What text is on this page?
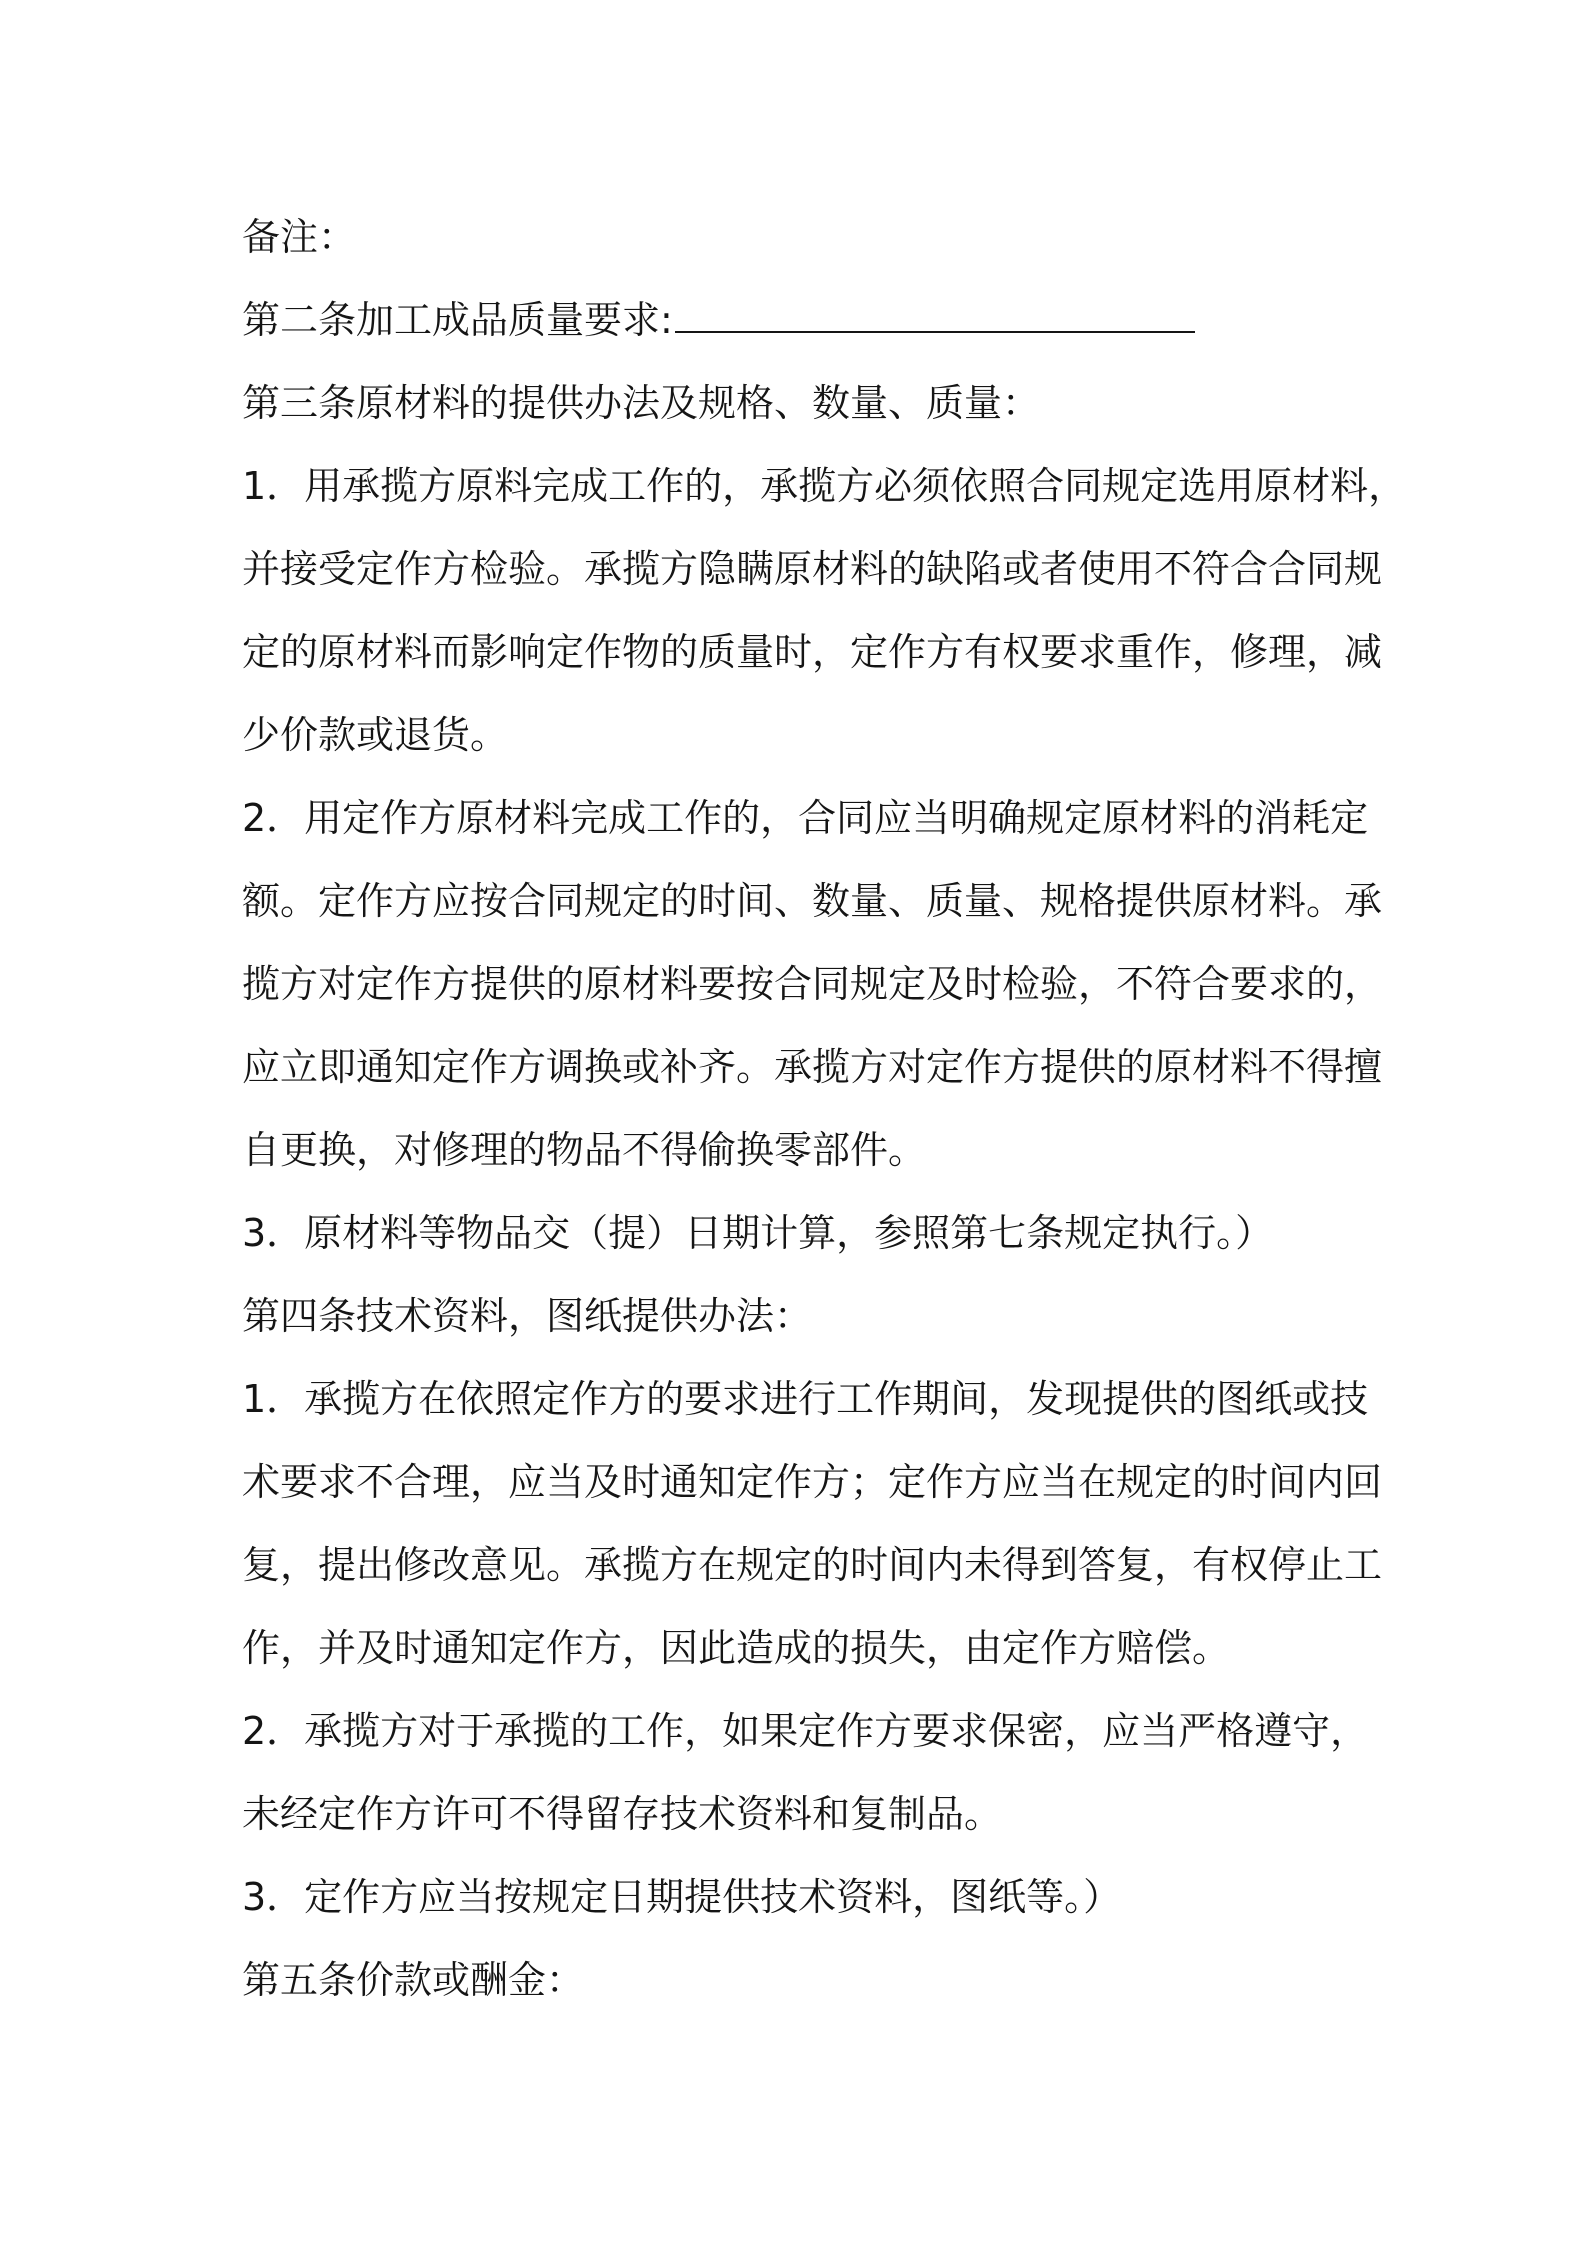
备注：
第二条加工成品质量要求:
第三条原材料的提供办法及规格、数量、质量：
1．用承揽方原料完成工作的，承揽方必须依照合同规定选用原材料，
并接受定作方检验。承揽方隐瞒原材料的缺陷或者使用不符合合同规
定的原材料而影响定作物的质量时，定作方有权要求重作，修理，减
少价款或退货。
2．用定作方原材料完成工作的，合同应当明确规定原材料的消耗定
额。定作方应按合同规定的时间、数量、质量、规格提供原材料。承
揽方对定作方提供的原材料要按合同规定及时检验，不符合要求的，
应立即通知定作方调换或补齐。承揽方对定作方提供的原材料不得擅
自更换，对修理的物品不得偷换零部件。
3．原材料等物品交（提）日期计算，参照第七条规定执行。）
第四条技术资料，图纸提供办法：
1．承揽方在依照定作方的要求进行工作期间，发现提供的图纸或技
术要求不合理，应当及时通知定作方；定作方应当在规定的时间内回
复，提出修改意见。承揽方在规定的时间内未得到答复，有权停止工
作，并及时通知定作方，因此造成的损失，由定作方赔偿。
2．承揽方对于承揽的工作，如果定作方要求保密，应当严格遵守，
未经定作方许可不得留存技术资料和复制品。
3．定作方应当按规定日期提供技术资料，图纸等。）
第五条价款或酬金：
